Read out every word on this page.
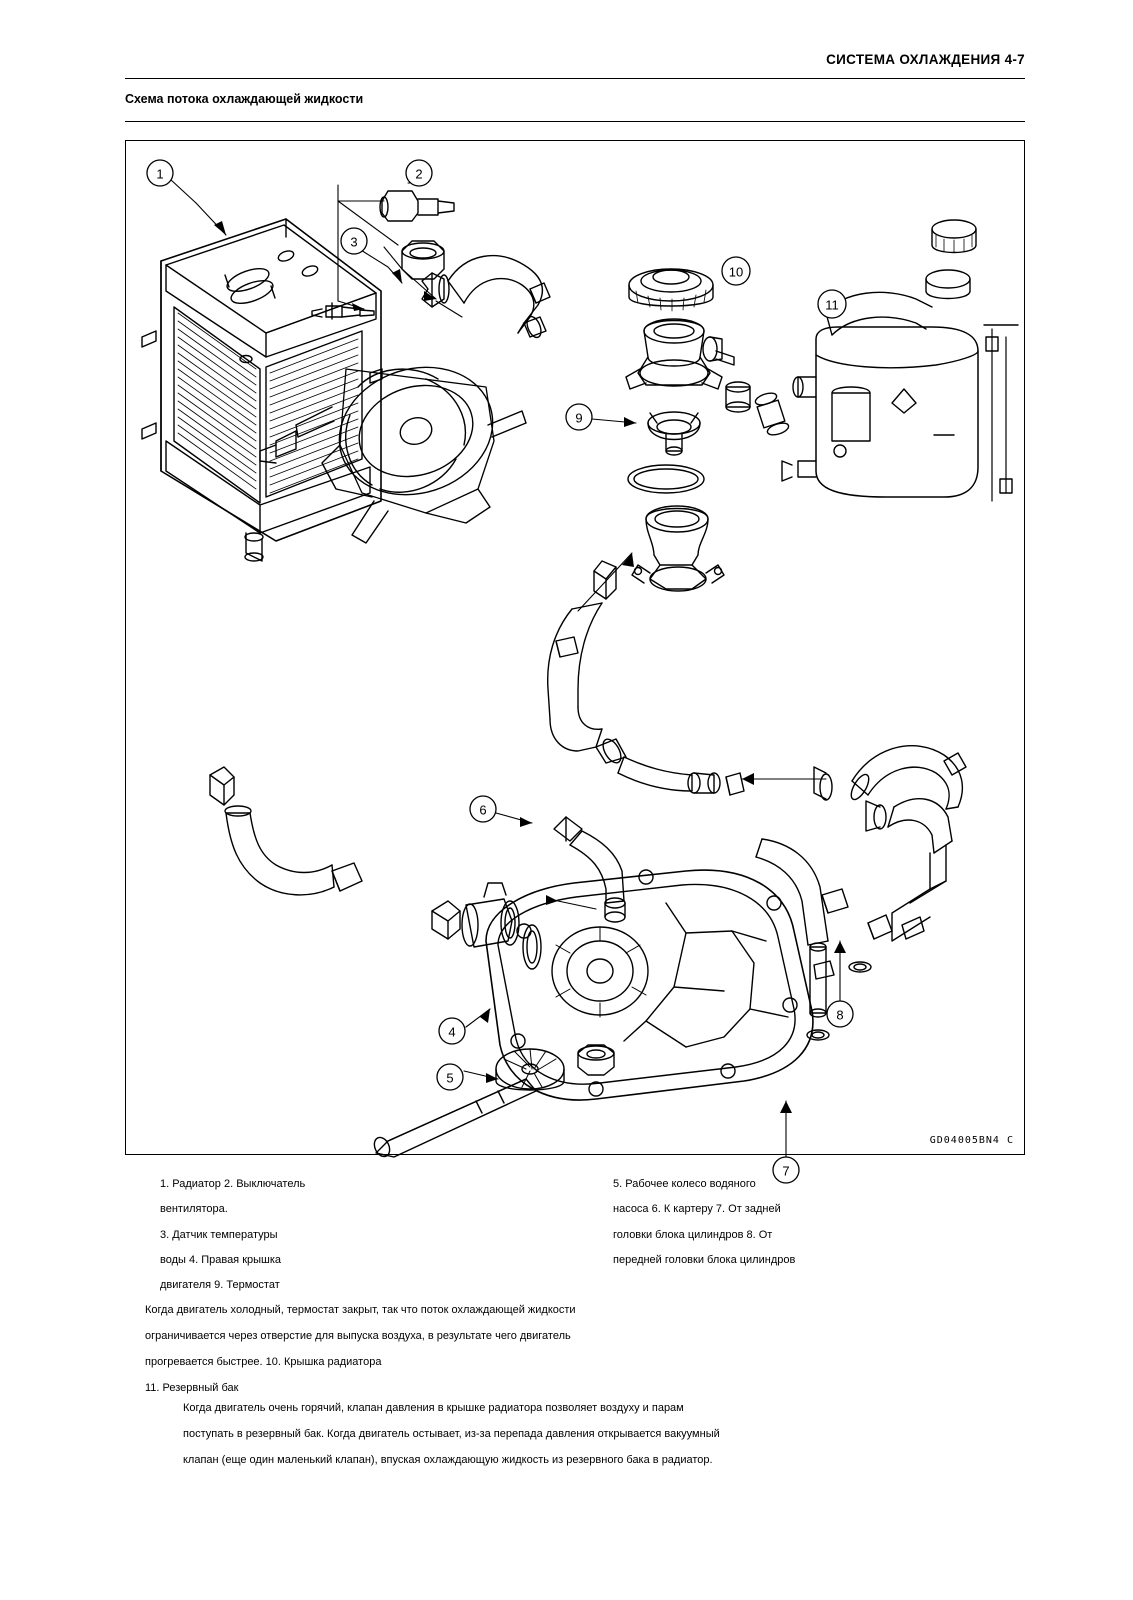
СИСТЕМА ОХЛАЖДЕНИЯ 4-7
Схема потока охлаждающей жидкости
1	2
3
4
5
6
7
8
9
10
11
GD04005BN4 C
1. Радиатор 2. Выключатель
вентилятора.
3. Датчик температуры
воды 4. Правая крышка
двигателя 9. Термостат
5. Рабочее колесо водяного
насоса 6. К картеру 7. От задней
головки блока цилиндров 8. От
передней головки блока цилиндров
Когда двигатель холодный, термостат закрыт, так что поток охлаждающей жидкости
ограничивается через отверстие для выпуска воздуха, в результате чего двигатель
прогревается быстрее. 10. Крышка радиатора
11. Резервный бак
Когда двигатель очень горячий, клапан давления в крышке радиатора позволяет воздуху и парам
поступать в резервный бак. Когда двигатель остывает, из-за перепада давления открывается вакуумный
клапан (еще один маленький клапан), впуская охлаждающую жидкость из резервного бака в радиатор.
